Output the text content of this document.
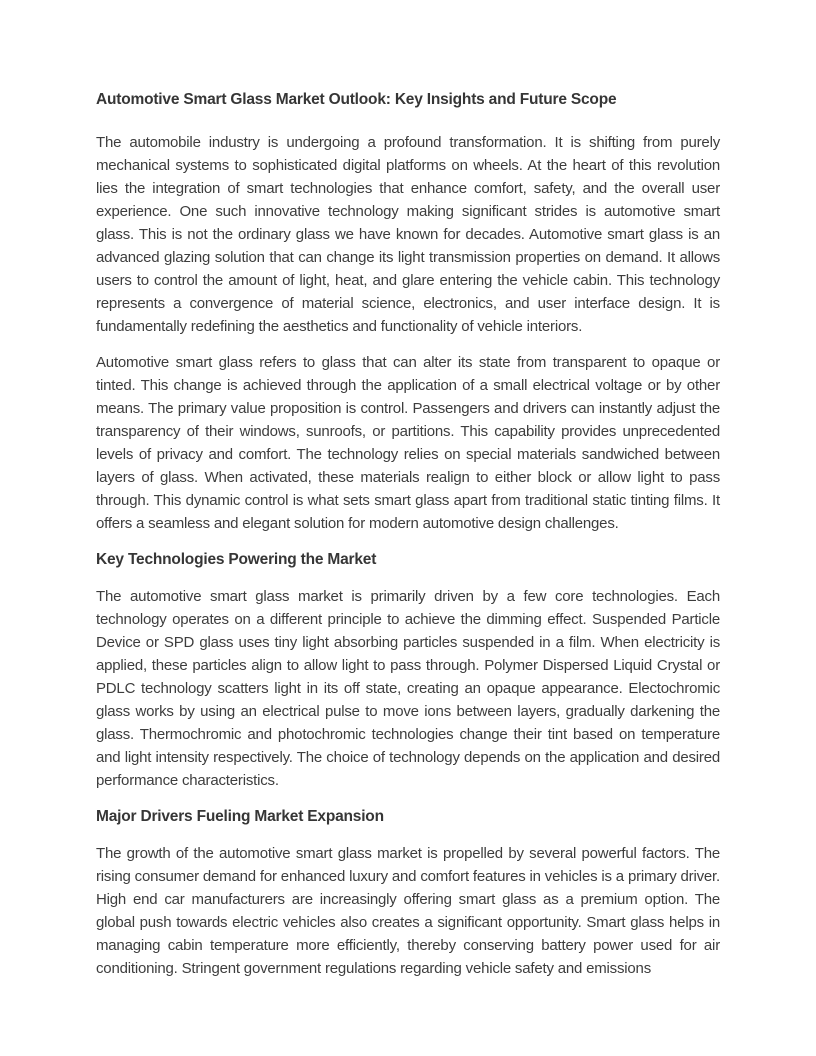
Automotive Smart Glass Market Outlook: Key Insights and Future Scope

The automobile industry is undergoing a profound transformation. It is shifting from purely mechanical systems to sophisticated digital platforms on wheels. At the heart of this revolution lies the integration of smart technologies that enhance comfort, safety, and the overall user experience. One such innovative technology making significant strides is automotive smart glass. This is not the ordinary glass we have known for decades. Automotive smart glass is an advanced glazing solution that can change its light transmission properties on demand. It allows users to control the amount of light, heat, and glare entering the vehicle cabin. This technology represents a convergence of material science, electronics, and user interface design. It is fundamentally redefining the aesthetics and functionality of vehicle interiors.

Automotive smart glass refers to glass that can alter its state from transparent to opaque or tinted. This change is achieved through the application of a small electrical voltage or by other means. The primary value proposition is control. Passengers and drivers can instantly adjust the transparency of their windows, sunroofs, or partitions. This capability provides unprecedented levels of privacy and comfort. The technology relies on special materials sandwiched between layers of glass. When activated, these materials realign to either block or allow light to pass through. This dynamic control is what sets smart glass apart from traditional static tinting films. It offers a seamless and elegant solution for modern automotive design challenges.

Key Technologies Powering the Market

The automotive smart glass market is primarily driven by a few core technologies. Each technology operates on a different principle to achieve the dimming effect. Suspended Particle Device or SPD glass uses tiny light absorbing particles suspended in a film. When electricity is applied, these particles align to allow light to pass through. Polymer Dispersed Liquid Crystal or PDLC technology scatters light in its off state, creating an opaque appearance. Electochromic glass works by using an electrical pulse to move ions between layers, gradually darkening the glass. Thermochromic and photochromic technologies change their tint based on temperature and light intensity respectively. The choice of technology depends on the application and desired performance characteristics.

Major Drivers Fueling Market Expansion

The growth of the automotive smart glass market is propelled by several powerful factors. The rising consumer demand for enhanced luxury and comfort features in vehicles is a primary driver. High end car manufacturers are increasingly offering smart glass as a premium option. The global push towards electric vehicles also creates a significant opportunity. Smart glass helps in managing cabin temperature more efficiently, thereby conserving battery power used for air conditioning. Stringent government regulations regarding vehicle safety and emissions
